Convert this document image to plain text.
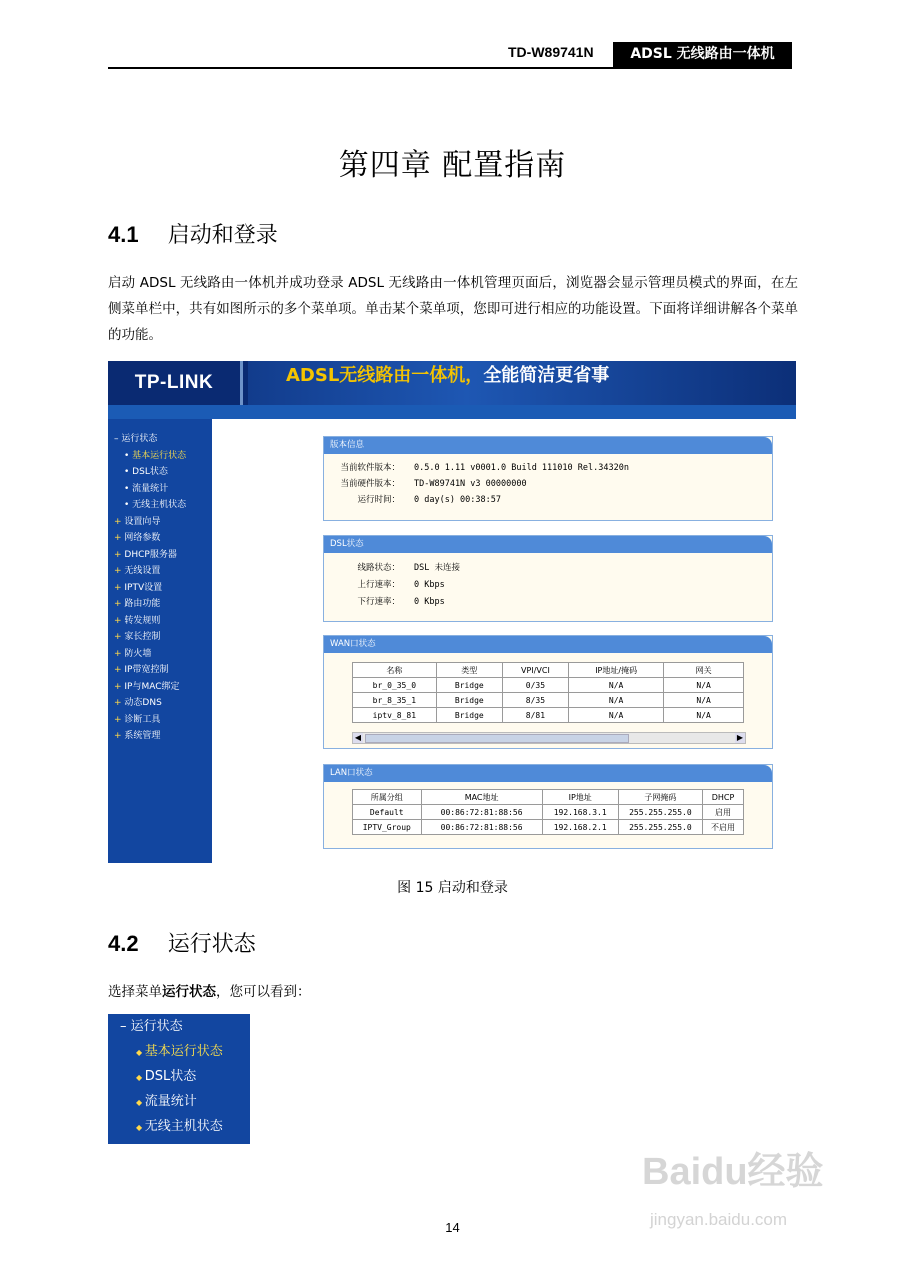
TD-W89741N	ADSL 无线路由一体机
第四章 配置指南
4.1 启动和登录
启动 ADSL 无线路由一体机并成功登录 ADSL 无线路由一体机管理页面后，浏览器会显示管理员模式的界面，在左侧菜单栏中，共有如图所示的多个菜单项。单击某个菜单项，您即可进行相应的功能设置。下面将详细讲解各个菜单的功能。
TP-LINK	ADSL无线路由一体机，全能简洁更省事
– 运行状态
• 基本运行状态
• DSL状态
• 流量统计
• 无线主机状态
+ 设置向导
+ 网络参数
+ DHCP服务器
+ 无线设置
+ IPTV设置
+ 路由功能
+ 转发规则
+ 家长控制
+ 防火墙
+ IP带宽控制
+ IP与MAC绑定
+ 动态DNS
+ 诊断工具
+ 系统管理
版本信息
当前软件版本： 0.5.0 1.11 v0001.0 Build 111010 Rel.34320n
当前硬件版本： TD-W89741N v3 00000000
运行时间： 0 day(s) 00:38:57
DSL状态
线路状态： DSL 未连接
上行速率： 0 Kbps
下行速率： 0 Kbps
WAN口状态
名称	类型	VPI/VCI	IP地址/掩码	网关
br_0_35_0	Bridge	0/35	N/A	N/A
br_8_35_1	Bridge	8/35	N/A	N/A
iptv_8_81	Bridge	8/81	N/A	N/A
◀	▶
LAN口状态
所属分组	MAC地址	IP地址	子网掩码	DHCP
Default	00:86:72:81:88:56	192.168.3.1	255.255.255.0	启用
IPTV_Group	00:86:72:81:88:56	192.168.2.1	255.255.255.0	不启用
图 15 启动和登录
4.2 运行状态
选择菜单运行状态，您可以看到：
– 运行状态
◆ 基本运行状态
◆ DSL状态
◆ 流量统计
◆ 无线主机状态
Baidu经验
jingyan.baidu.com
14
